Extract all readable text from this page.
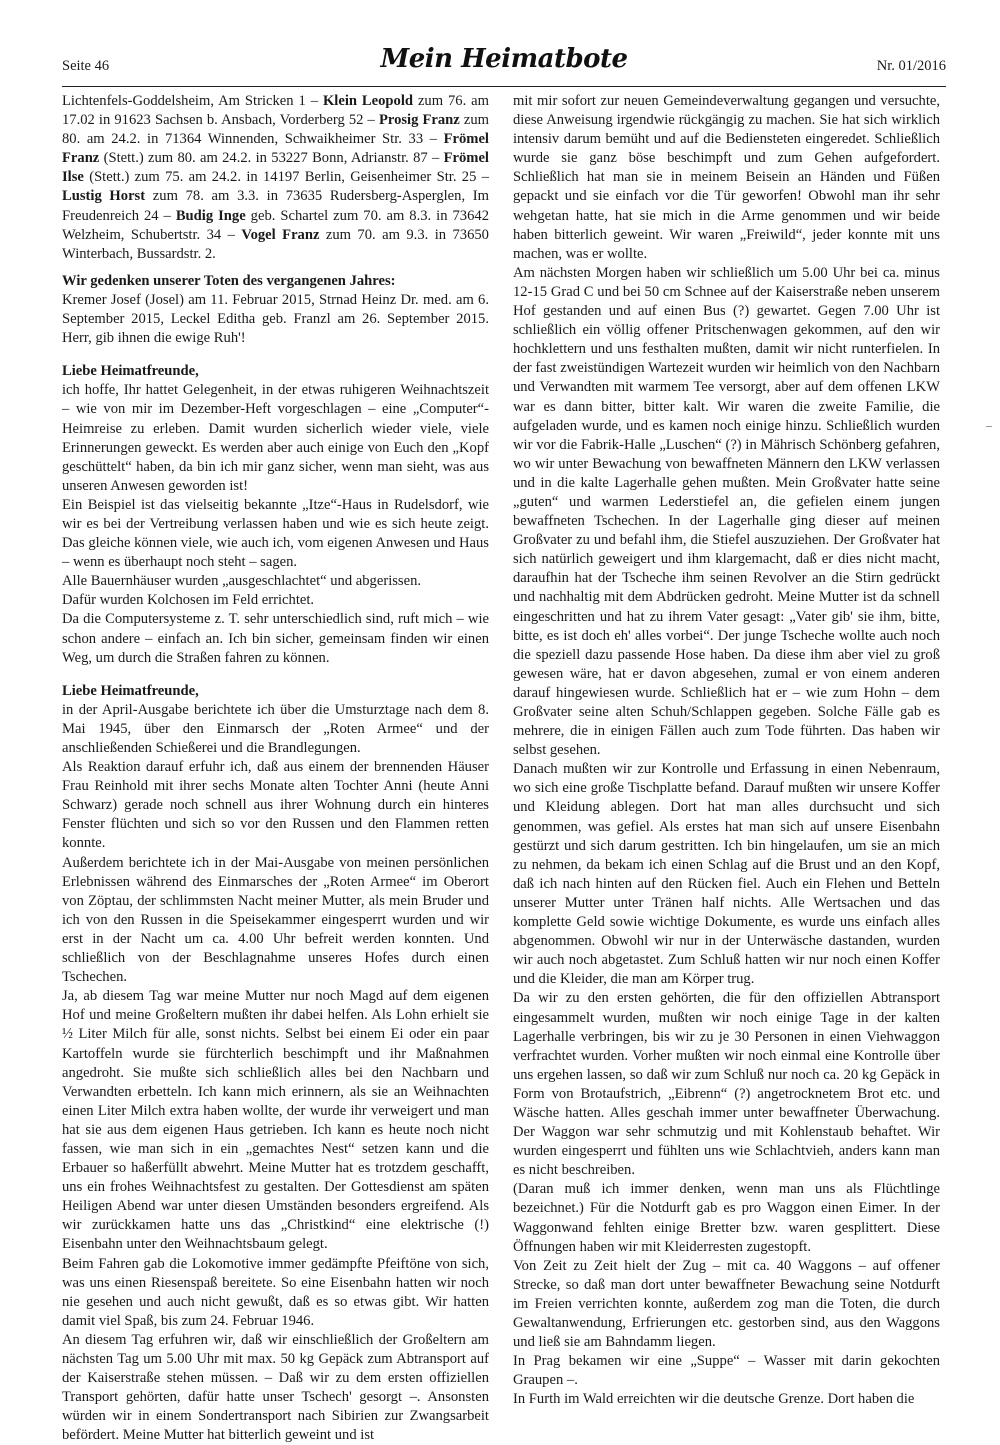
Seite 46	Mein Heimatbote	Nr. 01/2016

Lichtenfels-Goddelsheim, Am Stricken 1 – Klein Leopold zum 76. am 17.02 in 91623 Sachsen b. Ansbach, Vorderberg 52 – Prosig Franz zum 80. am 24.2. in 71364 Winnenden, Schwaikheimer Str. 33 – Frömel Franz (Stett.) zum 80. am 24.2. in 53227 Bonn, Adrianstr. 87 – Frömel Ilse (Stett.) zum 75. am 24.2. in 14197 Berlin, Geisenheimer Str. 25 – Lustig Horst zum 78. am 3.3. in 73635 Rudersberg-Asperglen, Im Freudenreich 24 – Budig Inge geb. Schartel zum 70. am 8.3. in 73642 Welzheim, Schubertstr. 34 – Vogel Franz zum 70. am 9.3. in 73650 Winterbach, Bussardstr. 2.

Wir gedenken unserer Toten des vergangenen Jahres:

Kremer Josef (Josel) am 11. Februar 2015, Strnad Heinz Dr. med. am 6. September 2015, Leckel Editha geb. Franzl am 26. September 2015. Herr, gib ihnen die ewige Ruh'!

Liebe Heimatfreunde,

ich hoffe, Ihr hattet Gelegenheit, in der etwas ruhigeren Weihnachtszeit – wie von mir im Dezember-Heft vorgeschlagen – eine „Computer“-Heimreise zu erleben. Damit wurden sicherlich wieder viele, viele Erinnerungen geweckt. Es werden aber auch einige von Euch den „Kopf geschüttelt“ haben, da bin ich mir ganz sicher, wenn man sieht, was aus unseren Anwesen geworden ist!

Ein Beispiel ist das vielseitig bekannte „Itze“-Haus in Rudelsdorf, wie wir es bei der Vertreibung verlassen haben und wie es sich heute zeigt. Das gleiche können viele, wie auch ich, vom eigenen Anwesen und Haus – wenn es überhaupt noch steht – sagen.

Alle Bauernhäuser wurden „ausgeschlachtet“ und abgerissen.

Dafür wurden Kolchosen im Feld errichtet.

Da die Computersysteme z. T. sehr unterschiedlich sind, ruft mich – wie schon andere – einfach an. Ich bin sicher, gemeinsam finden wir einen Weg, um durch die Straßen fahren zu können.

Liebe Heimatfreunde,

in der April-Ausgabe berichtete ich über die Umsturztage nach dem 8. Mai 1945, über den Einmarsch der „Roten Armee“ und der anschließenden Schießerei und die Brandlegungen.

Als Reaktion darauf erfuhr ich, daß aus einem der brennenden Häuser Frau Reinhold mit ihrer sechs Monate alten Tochter Anni (heute Anni Schwarz) gerade noch schnell aus ihrer Wohnung durch ein hinteres Fenster flüchten und sich so vor den Russen und den Flammen retten konnte.

Außerdem berichtete ich in der Mai-Ausgabe von meinen persönlichen Erlebnissen während des Einmarsches der „Roten Armee“ im Oberort von Zöptau, der schlimmsten Nacht meiner Mutter, als mein Bruder und ich von den Russen in die Speisekammer eingesperrt wurden und wir erst in der Nacht um ca. 4.00 Uhr befreit werden konnten. Und schließlich von der Beschlagnahme unseres Hofes durch einen Tschechen.

Ja, ab diesem Tag war meine Mutter nur noch Magd auf dem eigenen Hof und meine Großeltern mußten ihr dabei helfen. Als Lohn erhielt sie ½ Liter Milch für alle, sonst nichts. Selbst bei einem Ei oder ein paar Kartoffeln wurde sie fürchterlich beschimpft und ihr Maßnahmen angedroht. Sie mußte sich schließlich alles bei den Nachbarn und Verwandten erbetteln. Ich kann mich erinnern, als sie an Weihnachten einen Liter Milch extra haben wollte, der wurde ihr verweigert und man hat sie aus dem eigenen Haus getrieben. Ich kann es heute noch nicht fassen, wie man sich in ein „gemachtes Nest“ setzen kann und die Erbauer so haßerfüllt abwehrt. Meine Mutter hat es trotzdem geschafft, uns ein frohes Weihnachtsfest zu gestalten. Der Gottesdienst am späten Heiligen Abend war unter diesen Umständen besonders ergreifend. Als wir zurückkamen hatte uns das „Christkind“ eine elektrische (!) Eisenbahn unter den Weihnachtsbaum gelegt.

Beim Fahren gab die Lokomotive immer gedämpfte Pfeiftöne von sich, was uns einen Riesenspaß bereitete. So eine Eisenbahn hatten wir noch nie gesehen und auch nicht gewußt, daß es so etwas gibt. Wir hatten damit viel Spaß, bis zum 24. Februar 1946.

An diesem Tag erfuhren wir, daß wir einschließlich der Großeltern am nächsten Tag um 5.00 Uhr mit max. 50 kg Gepäck zum Abtransport auf der Kaiserstraße stehen müssen. – Daß wir zu dem ersten offiziellen Transport gehörten, dafür hatte unser Tschech' gesorgt –. Ansonsten würden wir in einem Sondertransport nach Sibirien zur Zwangsarbeit befördert. Meine Mutter hat bitterlich geweint und ist

mit mir sofort zur neuen Gemeindeverwaltung gegangen und versuchte, diese Anweisung irgendwie rückgängig zu machen. Sie hat sich wirklich intensiv darum bemüht und auf die Bediensteten eingeredet. Schließlich wurde sie ganz böse beschimpft und zum Gehen aufgefordert. Schließlich hat man sie in meinem Beisein an Händen und Füßen gepackt und sie einfach vor die Tür geworfen! Obwohl man ihr sehr wehgetan hatte, hat sie mich in die Arme genommen und wir beide haben bitterlich geweint. Wir waren „Freiwild“, jeder konnte mit uns machen, was er wollte.

Am nächsten Morgen haben wir schließlich um 5.00 Uhr bei ca. minus 12-15 Grad C und bei 50 cm Schnee auf der Kaiserstraße neben unserem Hof gestanden und auf einen Bus (?) gewartet. Gegen 7.00 Uhr ist schließlich ein völlig offener Pritschenwagen gekommen, auf den wir hochklettern und uns festhalten mußten, damit wir nicht runterfielen. In der fast zweistündigen Wartezeit wurden wir heimlich von den Nachbarn und Verwandten mit warmem Tee versorgt, aber auf dem offenen LKW war es dann bitter, bitter kalt. Wir waren die zweite Familie, die aufgeladen wurde, und es kamen noch einige hinzu. Schließlich wurden wir vor die Fabrik-Halle „Luschen“ (?) in Mährisch Schönberg gefahren, wo wir unter Bewachung von bewaffneten Männern den LKW verlassen und in die kalte Lagerhalle gehen mußten. Mein Großvater hatte seine „guten“ und warmen Lederstiefel an, die gefielen einem jungen bewaffneten Tschechen. In der Lagerhalle ging dieser auf meinen Großvater zu und befahl ihm, die Stiefel auszuziehen. Der Großvater hat sich natürlich geweigert und ihm klargemacht, daß er dies nicht macht, daraufhin hat der Tscheche ihm seinen Revolver an die Stirn gedrückt und nachhaltig mit dem Abdrücken gedroht. Meine Mutter ist da schnell eingeschritten und hat zu ihrem Vater gesagt: „Vater gib' sie ihm, bitte, bitte, es ist doch eh' alles vorbei“. Der junge Tscheche wollte auch noch die speziell dazu passende Hose haben. Da diese ihm aber viel zu groß gewesen wäre, hat er davon abgesehen, zumal er von einem anderen darauf hingewiesen wurde. Schließlich hat er – wie zum Hohn – dem Großvater seine alten Schuh/Schlappen gegeben. Solche Fälle gab es mehrere, die in einigen Fällen auch zum Tode führten. Das haben wir selbst gesehen.

Danach mußten wir zur Kontrolle und Erfassung in einen Nebenraum, wo sich eine große Tischplatte befand. Darauf mußten wir unsere Koffer und Kleidung ablegen. Dort hat man alles durchsucht und sich genommen, was gefiel. Als erstes hat man sich auf unsere Eisenbahn gestürzt und sich darum gestritten. Ich bin hingelaufen, um sie an mich zu nehmen, da bekam ich einen Schlag auf die Brust und an den Kopf, daß ich nach hinten auf den Rücken fiel. Auch ein Flehen und Betteln unserer Mutter unter Tränen half nichts. Alle Wertsachen und das komplette Geld sowie wichtige Dokumente, es wurde uns einfach alles abgenommen. Obwohl wir nur in der Unterwäsche dastanden, wurden wir auch noch abgetastet. Zum Schluß hatten wir nur noch einen Koffer und die Kleider, die man am Körper trug.

Da wir zu den ersten gehörten, die für den offiziellen Abtransport eingesammelt wurden, mußten wir noch einige Tage in der kalten Lagerhalle verbringen, bis wir zu je 30 Personen in einen Viehwaggon verfrachtet wurden. Vorher mußten wir noch einmal eine Kontrolle über uns ergehen lassen, so daß wir zum Schluß nur noch ca. 20 kg Gepäck in Form von Brotaufstrich, „Eibrenn“ (?) angetrocknetem Brot etc. und Wäsche hatten. Alles geschah immer unter bewaffneter Überwachung. Der Waggon war sehr schmutzig und mit Kohlenstaub behaftet. Wir wurden eingesperrt und fühlten uns wie Schlachtvieh, anders kann man es nicht beschreiben.

(Daran muß ich immer denken, wenn man uns als Flüchtlinge bezeichnet.) Für die Notdurft gab es pro Waggon einen Eimer. In der Waggonwand fehlten einige Bretter bzw. waren gesplittert. Diese Öffnungen haben wir mit Kleiderresten zugestopft.

Von Zeit zu Zeit hielt der Zug – mit ca. 40 Waggons – auf offener Strecke, so daß man dort unter bewaffneter Bewachung seine Notdurft im Freien verrichten konnte, außerdem zog man die Toten, die durch Gewaltanwendung, Erfrierungen etc. gestorben sind, aus den Waggons und ließ sie am Bahndamm liegen.

In Prag bekamen wir eine „Suppe“ – Wasser mit darin gekochten Graupen –.

In Furth im Wald erreichten wir die deutsche Grenze. Dort haben die
